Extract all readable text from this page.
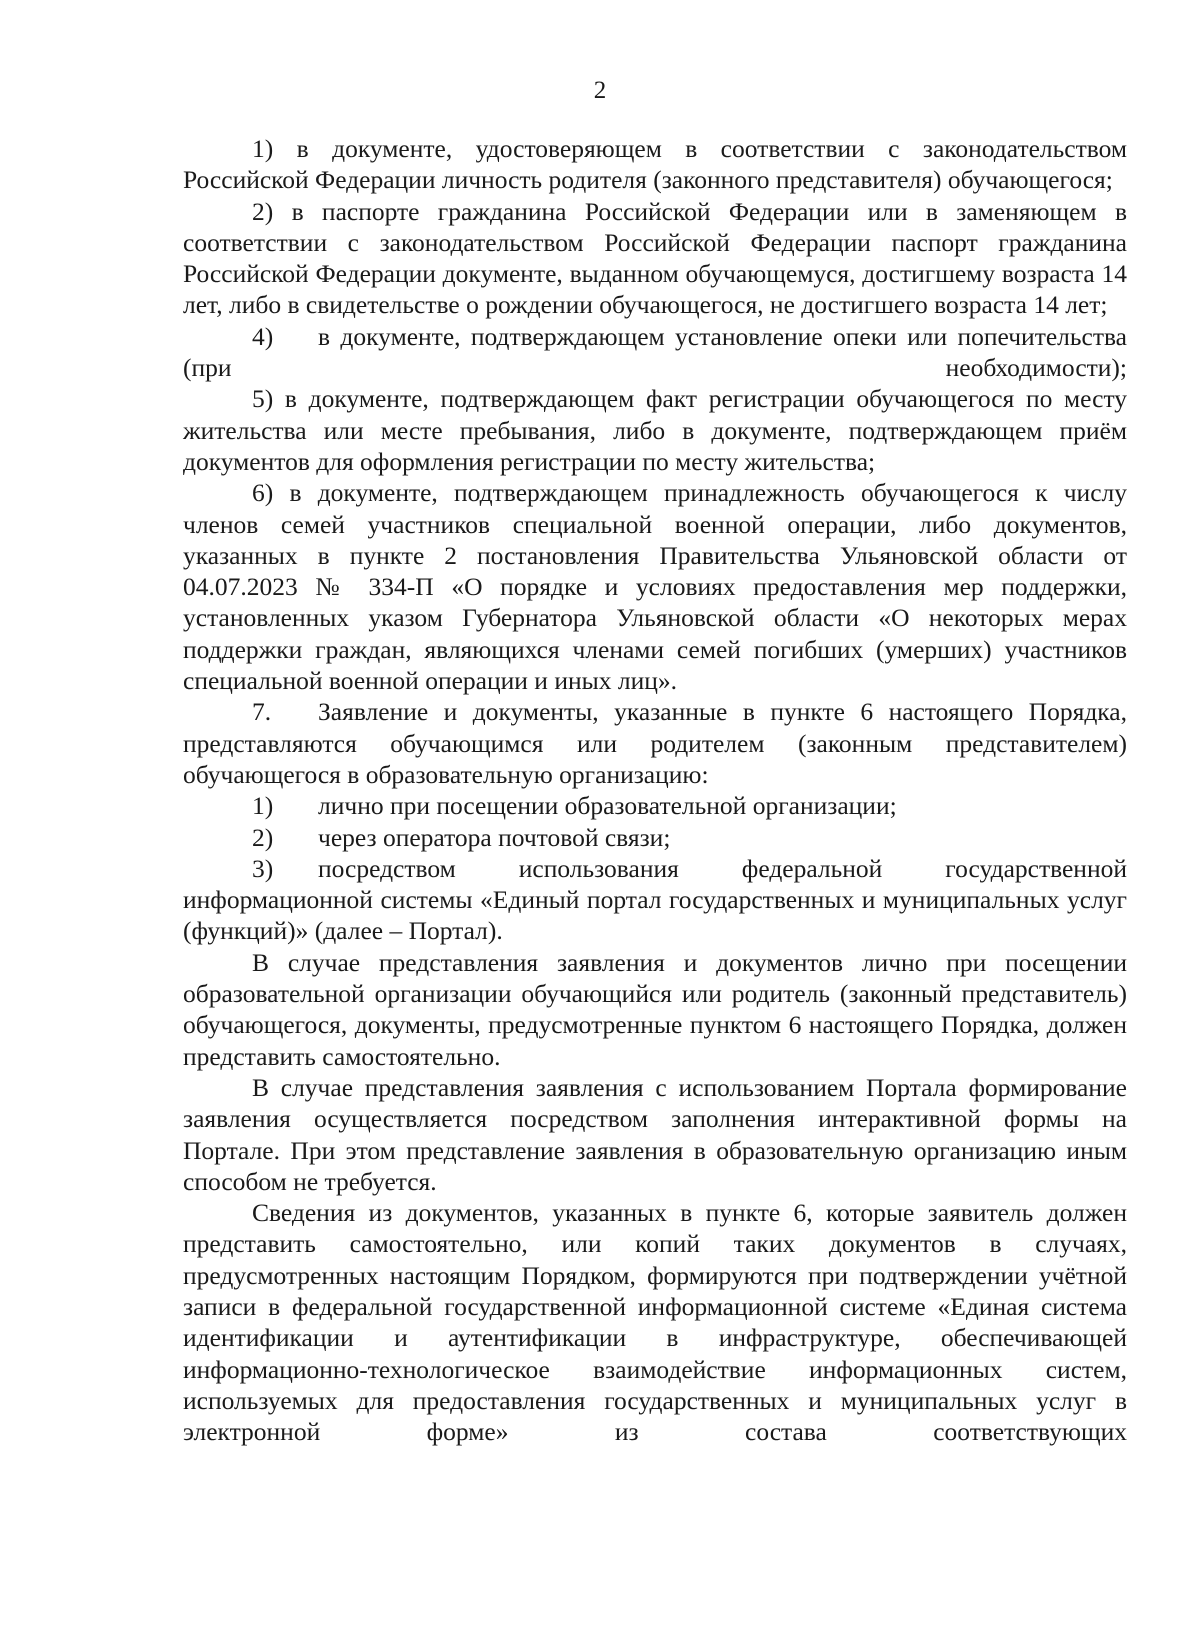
2

1) в документе, удостоверяющем в соответствии с законодательством Российской Федерации личность родителя (законного представителя) обучающегося;

2) в паспорте гражданина Российской Федерации или в заменяющем в соответствии с законодательством Российской Федерации паспорт гражданина Российской Федерации документе, выданном обучающемуся, достигшему возраста 14 лет, либо в свидетельстве о рождении обучающегося, не достигшего возраста 14 лет;

4) в документе, подтверждающем установление опеки или попечительства (при необходимости);

5) в документе, подтверждающем факт регистрации обучающегося по месту жительства или месте пребывания, либо в документе, подтверждающем приём документов для оформления регистрации по месту жительства;

6) в документе, подтверждающем принадлежность обучающегося к числу членов семей участников специальной военной операции, либо документов, указанных в пункте 2 постановления Правительства Ульяновской области от 04.07.2023 № 334-П «О порядке и условиях предоставления мер поддержки, установленных указом Губернатора Ульяновской области «О некоторых мерах поддержки граждан, являющихся членами семей погибших (умерших) участников специальной военной операции и иных лиц».

7. Заявление и документы, указанные в пункте 6 настоящего Порядка, представляются обучающимся или родителем (законным представителем) обучающегося в образовательную организацию:

1) лично при посещении образовательной организации;

2) через оператора почтовой связи;

3) посредством использования федеральной государственной информационной системы «Единый портал государственных и муниципальных услуг (функций)» (далее – Портал).

В случае представления заявления и документов лично при посещении образовательной организации обучающийся или родитель (законный представитель) обучающегося, документы, предусмотренные пунктом 6 настоящего Порядка, должен представить самостоятельно.

В случае представления заявления с использованием Портала формирование заявления осуществляется посредством заполнения интерактивной формы на Портале. При этом представление заявления в образовательную организацию иным способом не требуется.

Сведения из документов, указанных в пункте 6, которые заявитель должен представить самостоятельно, или копий таких документов в случаях, предусмотренных настоящим Порядком, формируются при подтверждении учётной записи в федеральной государственной информационной системе «Единая система идентификации и аутентификации в инфраструктуре, обеспечивающей информационно-технологическое взаимодействие информационных систем, используемых для предоставления государственных и муниципальных услуг в электронной форме» из состава соответствующих
